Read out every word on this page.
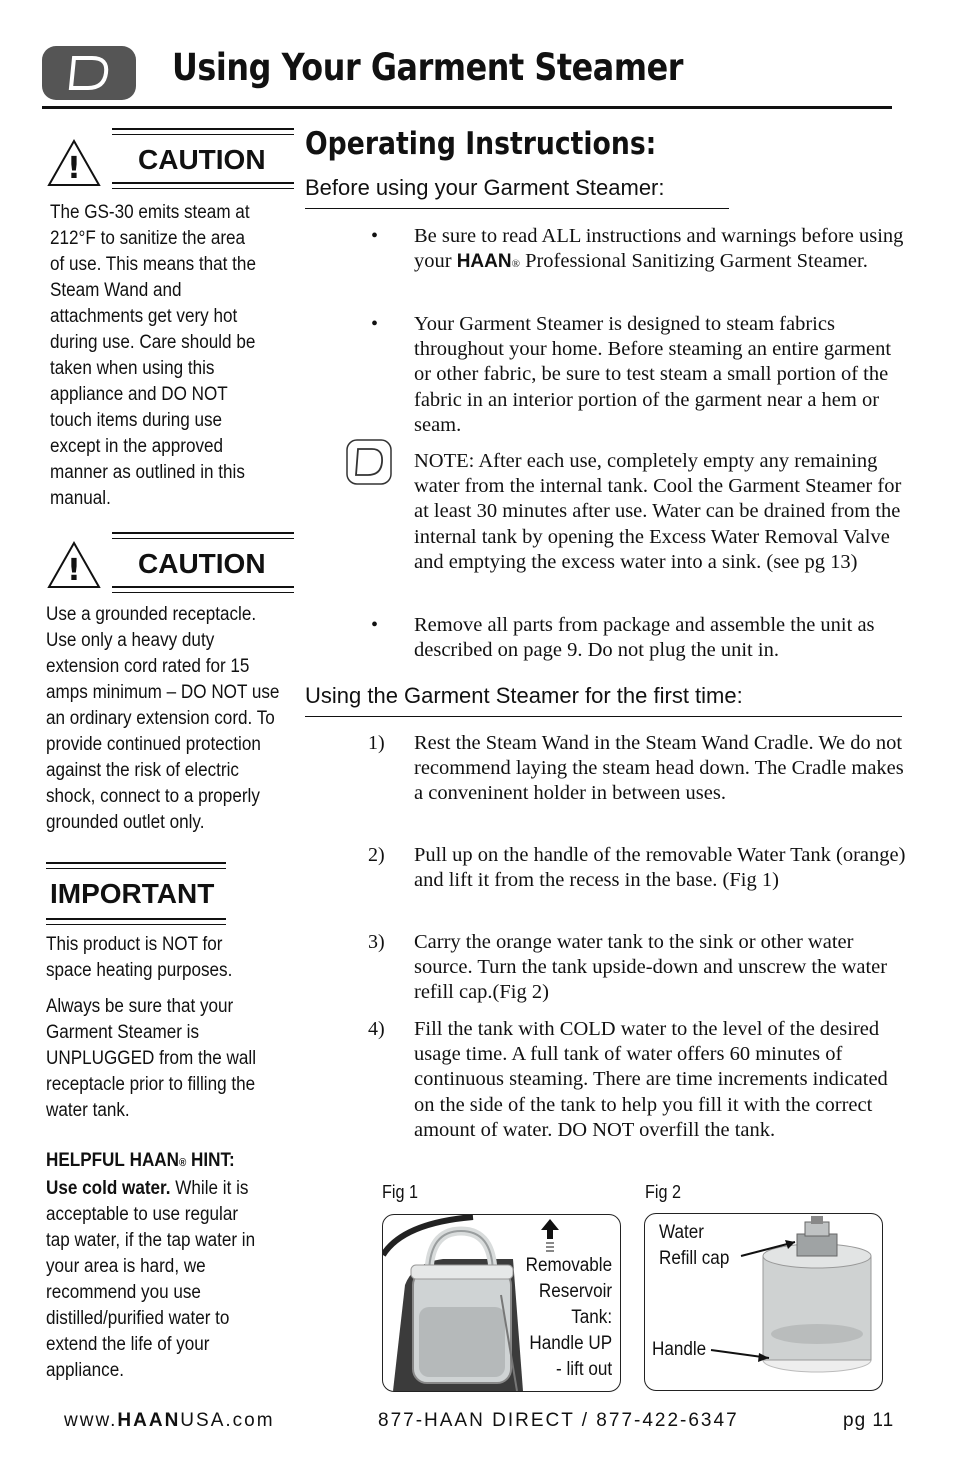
Using Your Garment Steamer
! CAUTION
The GS-30 emits steam at 212°F to sanitize the area of use. This means that the Steam Wand and attachments get very hot during use. Care should be taken when using this appliance and DO NOT touch items during use except in the approved manner as outlined in this manual.
! CAUTION
Use a grounded receptacle. Use only a heavy duty extension cord rated for 15 amps minimum – DO NOT use an ordinary extension cord. To provide continued protection against the risk of electric shock, connect to a properly grounded outlet only.
IMPORTANT

This product is NOT for space heating purposes.

Always be sure that your Garment Steamer is UNPLUGGED from the wall receptacle prior to filling the water tank.

HELPFUL HAAN® HINT:
Use cold water. While it is acceptable to use regular tap water, if the tap water in your area is hard, we recommend you use distilled/purified water to extend the life of your appliance.

Operating Instructions:
Before using your Garment Steamer:
• Be sure to read ALL instructions and warnings before using your HAAN® Professional Sanitizing Garment Steamer.
• Your Garment Steamer is designed to steam fabrics throughout your home. Before steaming an entire garment or other fabric, be sure to test steam a small portion of the fabric in an interior portion of the garment near a hem or seam.
NOTE: After each use, completely empty any remaining water from the internal tank. Cool the Garment Steamer for at least 30 minutes after use. Water can be drained from the internal tank by opening the Excess Water Removal Valve and emptying the excess water into a sink. (see pg 13)
• Remove all parts from package and assemble the unit as described on page 9. Do not plug the unit in.
Using the Garment Steamer for the first time:
1) Rest the Steam Wand in the Steam Wand Cradle. We do not recommend laying the steam head down. The Cradle makes a conveninent holder in between uses.
2) Pull up on the handle of the removable Water Tank (orange) and lift it from the recess in the base. (Fig 1)
3) Carry the orange water tank to the sink or other water source. Turn the tank upside-down and unscrew the water refill cap.(Fig 2)
4) Fill the tank with COLD water to the level of the desired usage time. A full tank of water offers 60 minutes of continuous steaming. There are time increments indicated on the side of the tank to help you fill it with the correct amount of water. DO NOT overfill the tank.
Fig 1
Removable
Reservoir
Tank:
Handle UP
- lift out
Fig 2
Water
Refill cap
Handle
www.HAANUSA.com	877-HAAN DIRECT / 877-422-6347	pg 11
